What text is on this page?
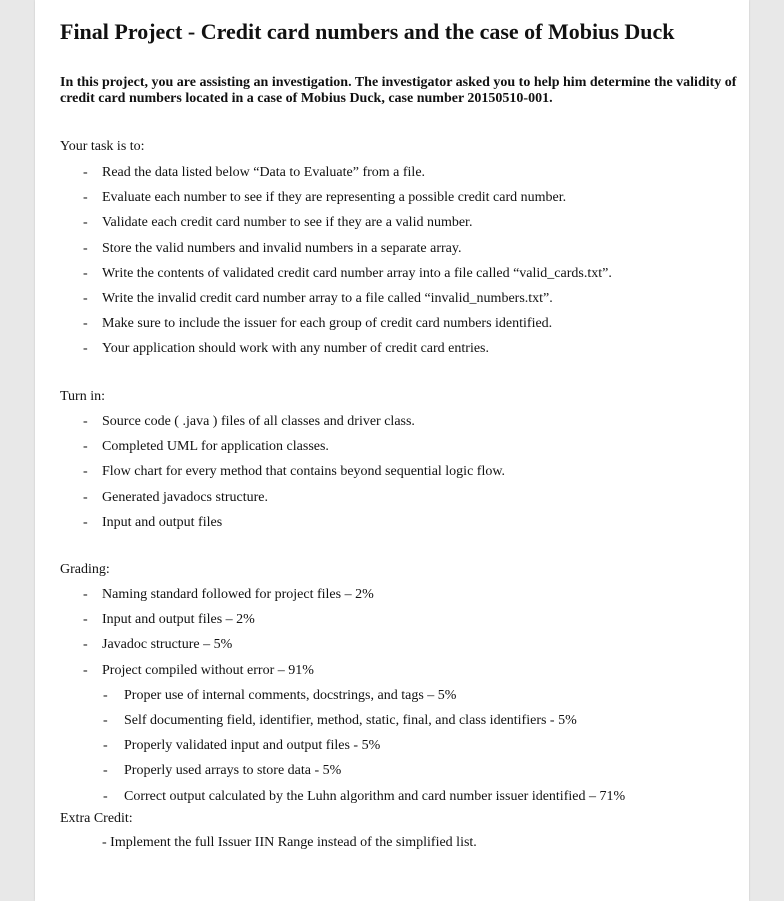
Final Project - Credit card numbers and the case of Mobius Duck

In this project, you are assisting an investigation. The investigator asked you to help him determine the validity of credit card numbers located in a case of Mobius Duck, case number 20150510-001.

Your task is to:

- Read the data listed below “Data to Evaluate” from a file.
- Evaluate each number to see if they are representing a possible credit card number.
- Validate each credit card number to see if they are a valid number.
- Store the valid numbers and invalid numbers in a separate array.
- Write the contents of validated credit card number array into a file called “valid_cards.txt”.
- Write the invalid credit card number array to a file called “invalid_numbers.txt”.
- Make sure to include the issuer for each group of credit card numbers identified.
- Your application should work with any number of credit card entries.

Turn in:

- Source code ( .java ) files of all classes and driver class.
- Completed UML for application classes.
- Flow chart for every method that contains beyond sequential logic flow.
- Generated javadocs structure.
- Input and output files

Grading:

- Naming standard followed for project files – 2%
- Input and output files – 2%
- Javadoc structure – 5%
- Project compiled without error – 91%
- Proper use of internal comments, docstrings, and tags – 5%
- Self documenting field, identifier, method, static, final, and class identifiers - 5%
- Properly validated input and output files - 5%
- Properly used arrays to store data - 5%
- Correct output calculated by the Luhn algorithm and card number issuer identified – 71%

Extra Credit:

- Implement the full Issuer IIN Range instead of the simplified list.
